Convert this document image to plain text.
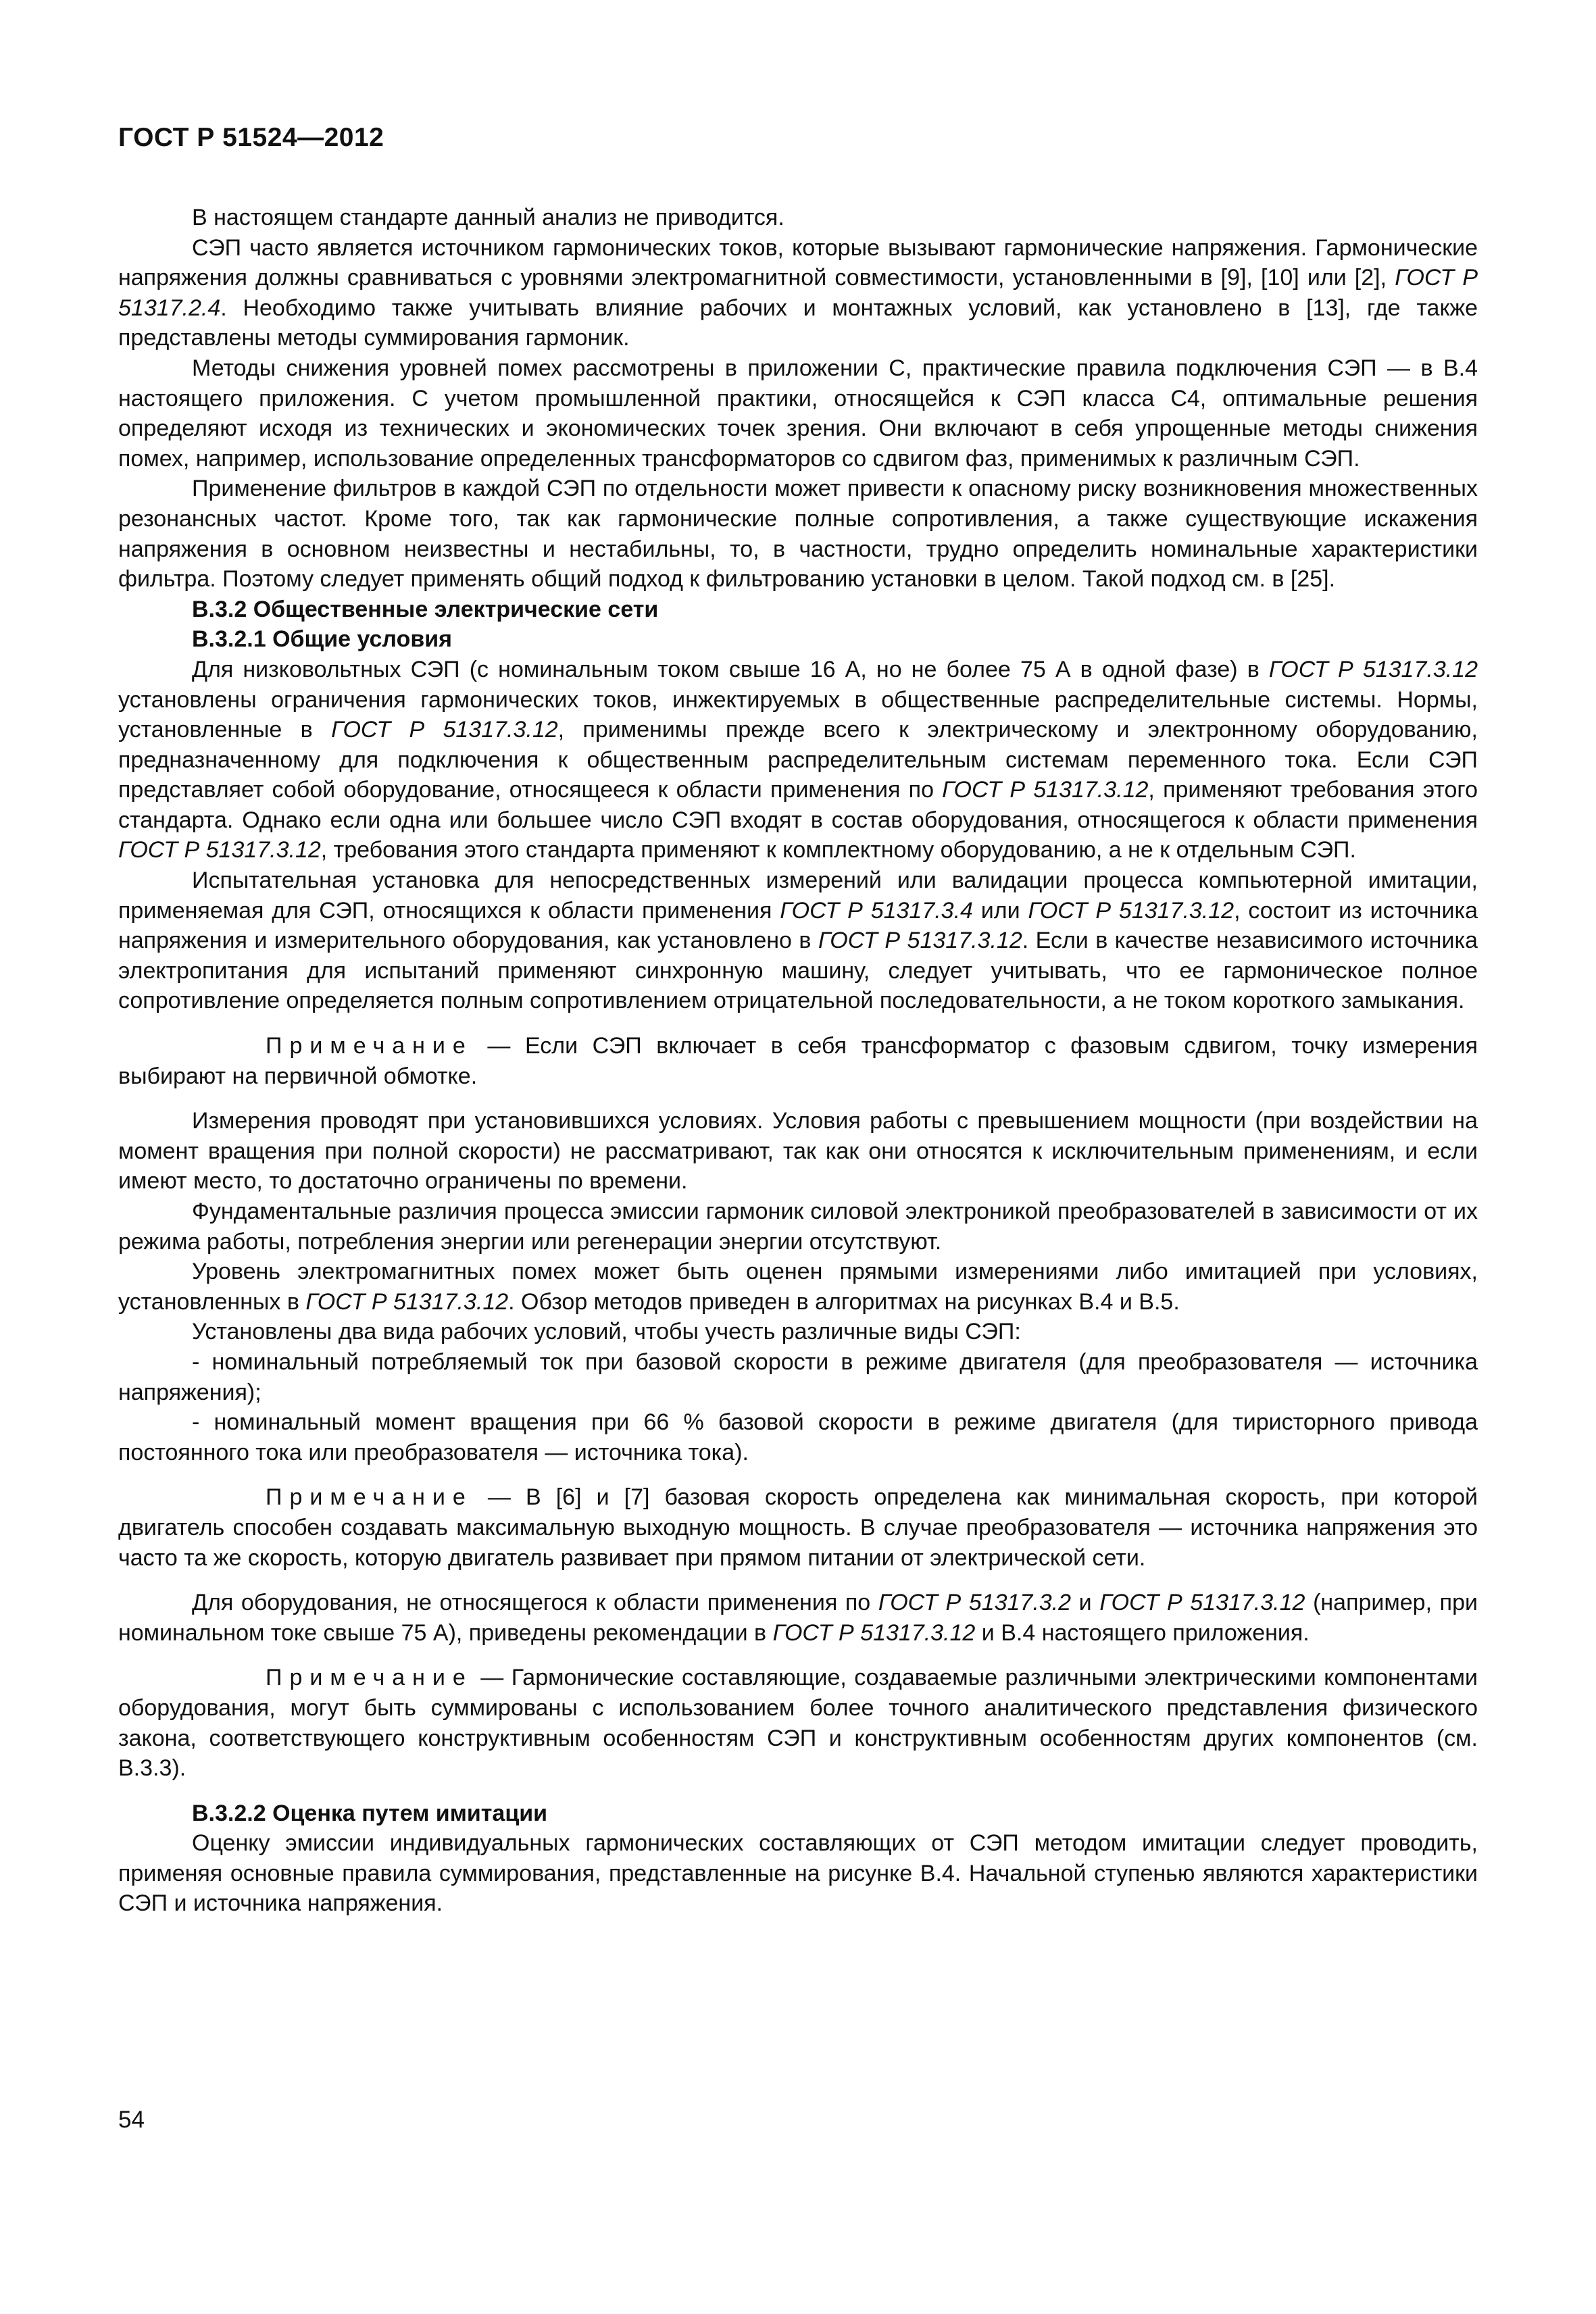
ГОСТ Р 51524—2012

В настоящем стандарте данный анализ не приводится.

СЭП часто является источником гармонических токов, которые вызывают гармонические напряжения. Гармонические напряжения должны сравниваться с уровнями электромагнитной совместимости, установленными в [9], [10] или [2], ГОСТ Р 51317.2.4. Необходимо также учитывать влияние рабочих и монтажных условий, как установлено в [13], где также представлены методы суммирования гармоник.

Методы снижения уровней помех рассмотрены в приложении С, практические правила подключения СЭП — в В.4 настоящего приложения. С учетом промышленной практики, относящейся к СЭП класса С4, оптимальные решения определяют исходя из технических и экономических точек зрения. Они включают в себя упрощенные методы снижения помех, например, использование определенных трансформаторов со сдвигом фаз, применимых к различным СЭП.

Применение фильтров в каждой СЭП по отдельности может привести к опасному риску возникновения множественных резонансных частот. Кроме того, так как гармонические полные сопротивления, а также существующие искажения напряжения в основном неизвестны и нестабильны, то, в частности, трудно определить номинальные характеристики фильтра. Поэтому следует применять общий подход к фильтрованию установки в целом. Такой подход см. в [25].

В.3.2 Общественные электрические сети

В.3.2.1 Общие условия

Для низковольтных СЭП (с номинальным током свыше 16 А, но не более 75 А в одной фазе) в ГОСТ Р 51317.3.12 установлены ограничения гармонических токов, инжектируемых в общественные распределительные системы. Нормы, установленные в ГОСТ Р 51317.3.12, применимы прежде всего к электрическому и электронному оборудованию, предназначенному для подключения к общественным распределительным системам переменного тока. Если СЭП представляет собой оборудование, относящееся к области применения по ГОСТ Р 51317.3.12, применяют требования этого стандарта. Однако если одна или большее число СЭП входят в состав оборудования, относящегося к области применения ГОСТ Р 51317.3.12, требования этого стандарта применяют к комплектному оборудованию, а не к отдельным СЭП.

Испытательная установка для непосредственных измерений или валидации процесса компьютерной имитации, применяемая для СЭП, относящихся к области применения ГОСТ Р 51317.3.4 или ГОСТ Р 51317.3.12, состоит из источника напряжения и измерительного оборудования, как установлено в ГОСТ Р 51317.3.12. Если в качестве независимого источника электропитания для испытаний применяют синхронную машину, следует учитывать, что ее гармоническое полное сопротивление определяется полным сопротивлением отрицательной последовательности, а не током короткого замыкания.

Примечание — Если СЭП включает в себя трансформатор с фазовым сдвигом, точку измерения выбирают на первичной обмотке.

Измерения проводят при установившихся условиях. Условия работы с превышением мощности (при воздействии на момент вращения при полной скорости) не рассматривают, так как они относятся к исключительным применениям, и если имеют место, то достаточно ограничены по времени.

Фундаментальные различия процесса эмиссии гармоник силовой электроникой преобразователей в зависимости от их режима работы, потребления энергии или регенерации энергии отсутствуют.

Уровень электромагнитных помех может быть оценен прямыми измерениями либо имитацией при условиях, установленных в ГОСТ Р 51317.3.12. Обзор методов приведен в алгоритмах на рисунках В.4 и В.5.

Установлены два вида рабочих условий, чтобы учесть различные виды СЭП:

- номинальный потребляемый ток при базовой скорости в режиме двигателя (для преобразователя — источника напряжения);

- номинальный момент вращения при 66 % базовой скорости в режиме двигателя (для тиристорного привода постоянного тока или преобразователя — источника тока).

Примечание — В [6] и [7] базовая скорость определена как минимальная скорость, при которой двигатель способен создавать максимальную выходную мощность. В случае преобразователя — источника напряжения это часто та же скорость, которую двигатель развивает при прямом питании от электрической сети.

Для оборудования, не относящегося к области применения по ГОСТ Р 51317.3.2 и ГОСТ Р 51317.3.12 (например, при номинальном токе свыше 75 А), приведены рекомендации в ГОСТ Р 51317.3.12 и В.4 настоящего приложения.

Примечание — Гармонические составляющие, создаваемые различными электрическими компонентами оборудования, могут быть суммированы с использованием более точного аналитического представления физического закона, соответствующего конструктивным особенностям СЭП и конструктивным особенностям других компонентов (см. В.3.3).

В.3.2.2 Оценка путем имитации

Оценку эмиссии индивидуальных гармонических составляющих от СЭП методом имитации следует проводить, применяя основные правила суммирования, представленные на рисунке В.4. Начальной ступенью являются характеристики СЭП и источника напряжения.

54
